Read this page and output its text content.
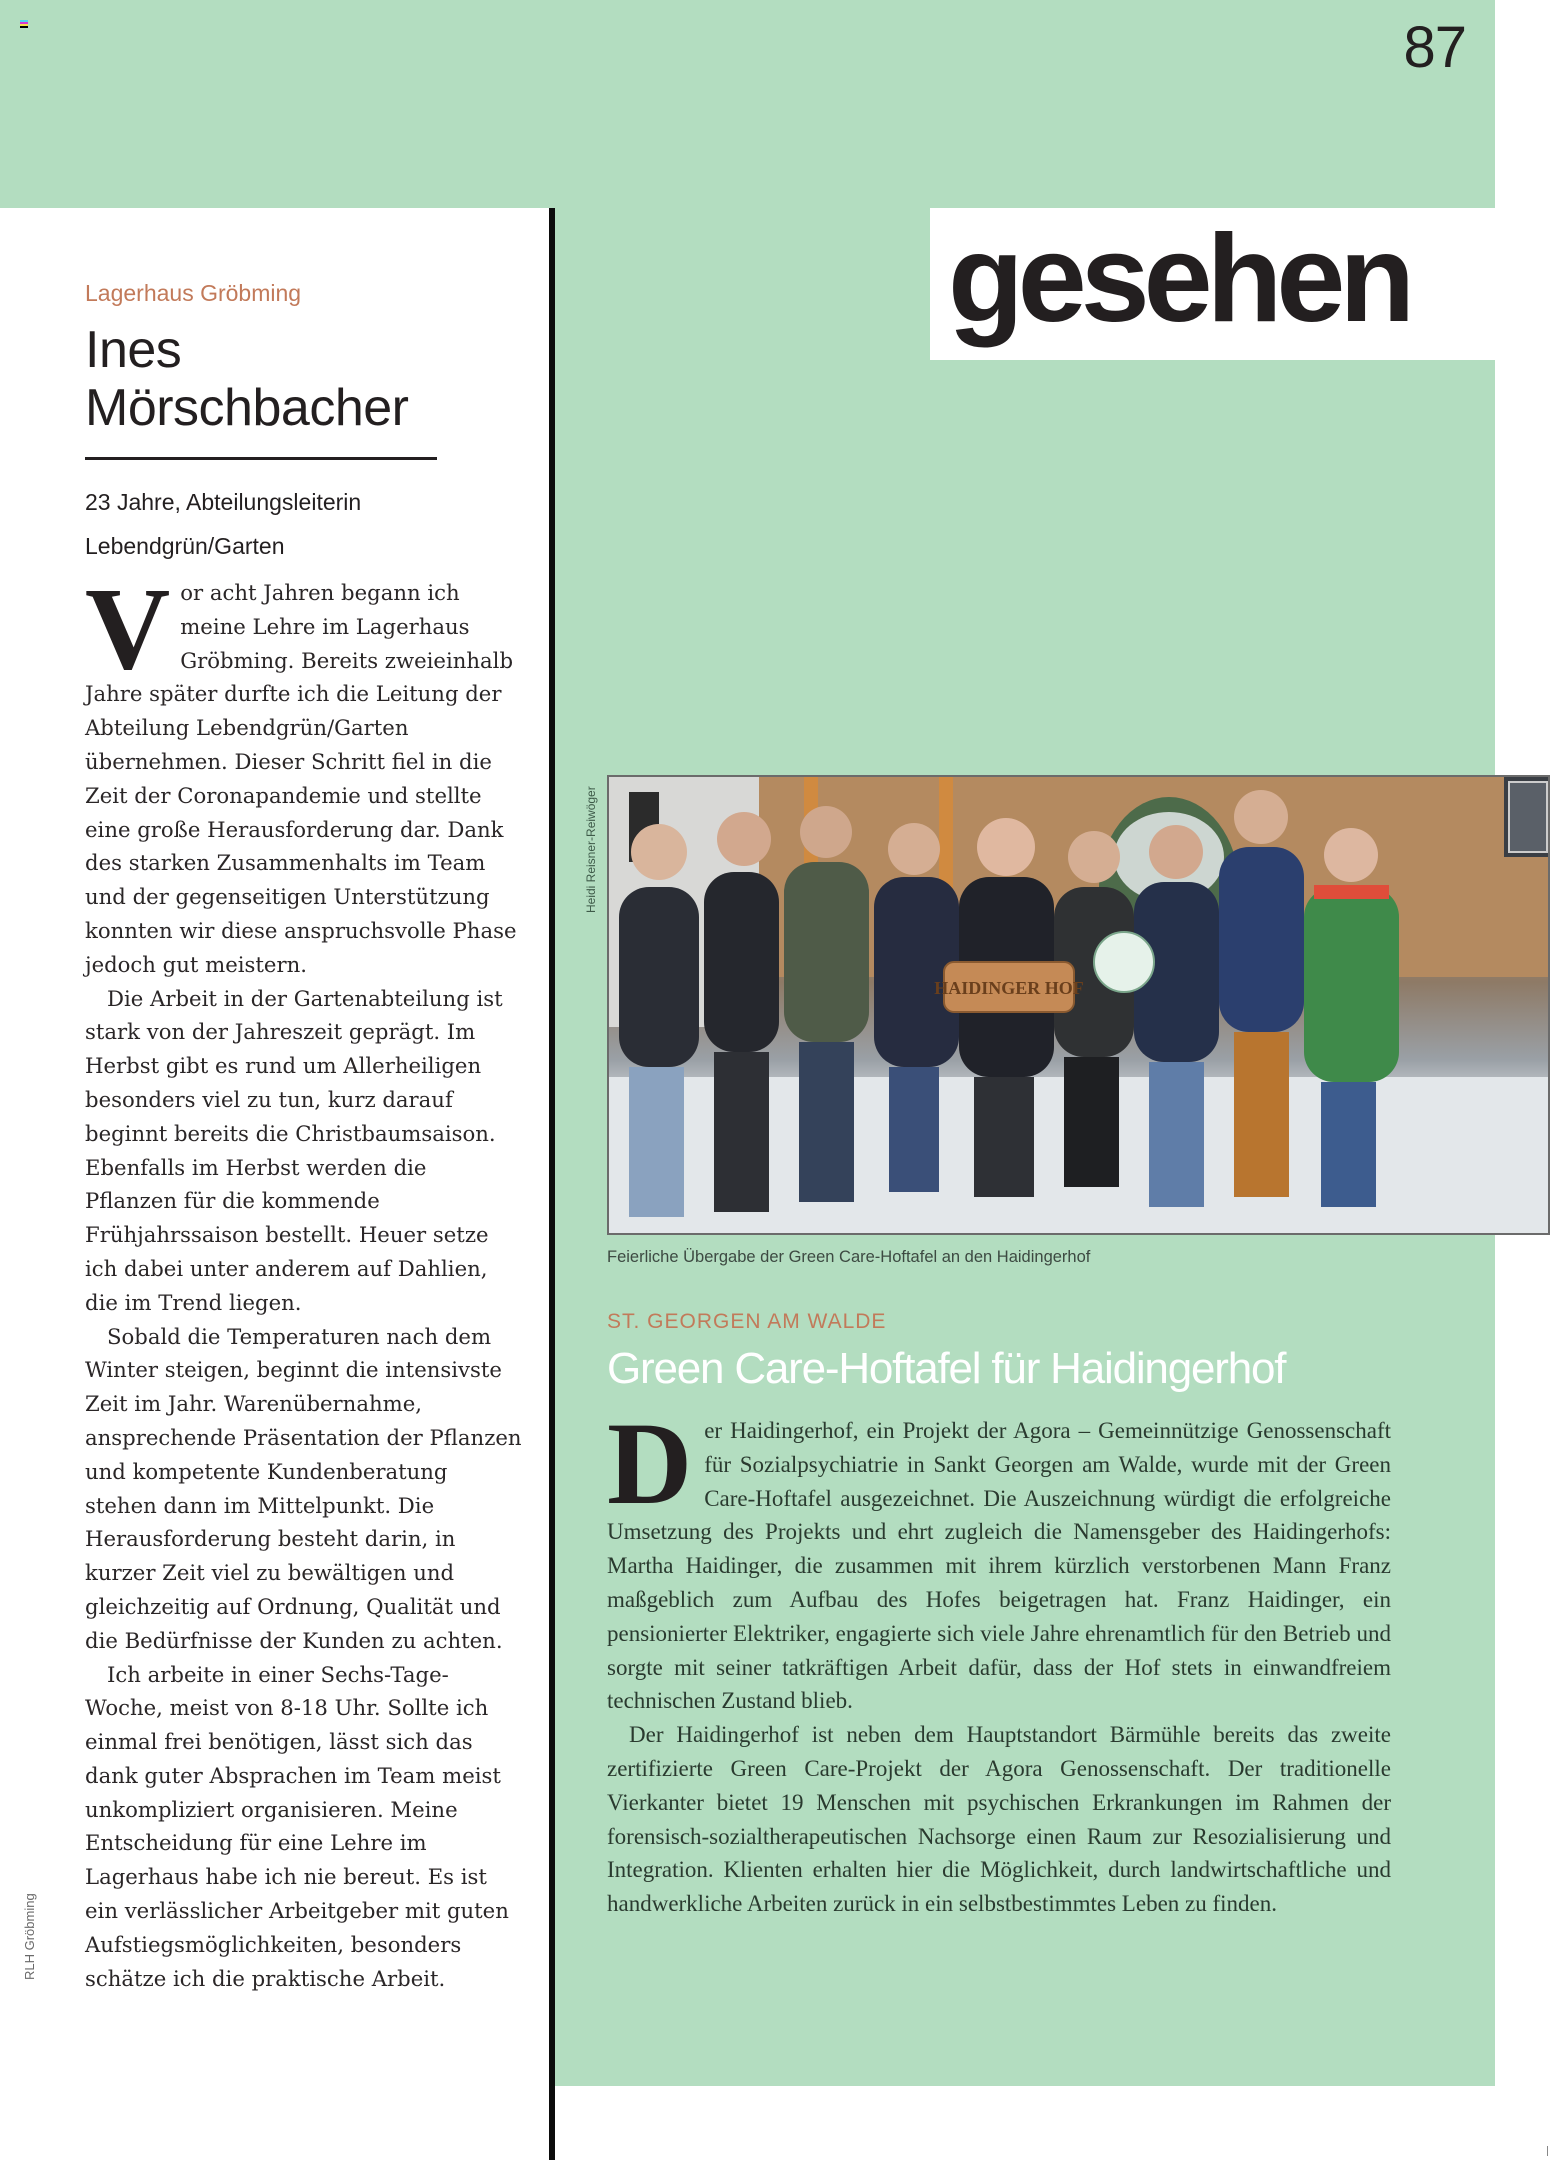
87
gesehen

Lagerhaus Gröbming

Ines
Mörschbacher
23 Jahre, Abteilungsleiterin
Lebendgrün/Garten

Vor acht Jahren begann ich meine Lehre im Lagerhaus Gröbming. Bereits zweieinhalb Jahre später durfte ich die Leitung der Abteilung Lebendgrün/Garten übernehmen. Dieser Schritt fiel in die Zeit der Coronapandemie und stellte eine große Herausforderung dar. Dank des starken Zusammenhalts im Team und der gegenseitigen Unterstützung konnten wir diese anspruchsvolle Phase jedoch gut meistern.

Die Arbeit in der Gartenabteilung ist stark von der Jahreszeit geprägt. Im Herbst gibt es rund um Allerheiligen besonders viel zu tun, kurz darauf beginnt bereits die Christbaumsaison. Ebenfalls im Herbst werden die Pflanzen für die kommende Frühjahrssaison bestellt. Heuer setze ich dabei unter anderem auf Dahlien, die im Trend liegen.

Sobald die Temperaturen nach dem Winter steigen, beginnt die intensivste Zeit im Jahr. Warenübernahme, ansprechende Präsentation der Pflanzen und kompetente Kundenberatung stehen dann im Mittelpunkt. Die Herausforderung besteht darin, in kurzer Zeit viel zu bewältigen und gleichzeitig auf Ordnung, Qualität und die Bedürfnisse der Kunden zu achten.

Ich arbeite in einer Sechs-Tage-Woche, meist von 8-18 Uhr. Sollte ich einmal frei benötigen, lässt sich das dank guter Absprachen im Team meist unkompliziert organisieren. Meine Entscheidung für eine Lehre im Lagerhaus habe ich nie bereut. Es ist ein verlässlicher Arbeitgeber mit guten Aufstiegsmöglichkeiten, besonders schätze ich die praktische Arbeit.

RLH Gröbming
Heidi Reisner-Reiwöger
HAIDINGER HOF
Feierliche Übergabe der Green Care-Hoftafel an den Haidingerhof
ST. GEORGEN AM WALDE
Green Care-Hoftafel für Haidingerhof

Der Haidingerhof, ein Projekt der Agora – Gemeinnützige Genossenschaft für Sozialpsychiatrie in Sankt Georgen am Walde, wurde mit der Green Care-Hoftafel ausgezeichnet. Die Auszeichnung würdigt die erfolgreiche Umsetzung des Projekts und ehrt zugleich die Namensgeber des Haidingerhofs: Martha Haidinger, die zusammen mit ihrem kürzlich verstorbenen Mann Franz maßgeblich zum Aufbau des Hofes beigetragen hat. Franz Haidinger, ein pensionierter Elektriker, engagierte sich viele Jahre ehrenamtlich für den Betrieb und sorgte mit seiner tatkräftigen Arbeit dafür, dass der Hof stets in einwandfreiem technischen Zustand blieb.

Der Haidingerhof ist neben dem Hauptstandort Bärmühle bereits das zweite zertifizierte Green Care-Projekt der Agora Genossenschaft. Der traditionelle Vierkanter bietet 19 Menschen mit psychischen Erkrankungen im Rahmen der forensisch-sozialtherapeutischen Nachsorge einen Raum zur Resozialisierung und Integration. Klienten erhalten hier die Möglichkeit, durch landwirtschaftliche und handwerkliche Arbeiten zurück in ein selbstbestimmtes Leben zu finden.
